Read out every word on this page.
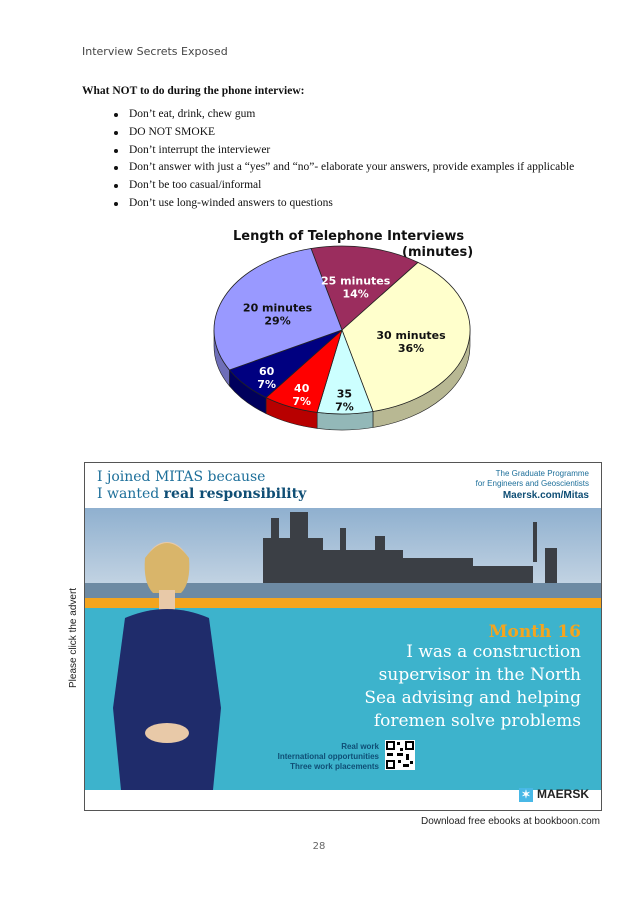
Interview Secrets Exposed
What NOT to do during the phone interview:
Don’t eat, drink, chew gum
DO NOT SMOKE
Don’t interrupt the interviewer
Don’t answer with just a “yes” and “no”- elaborate your answers, provide examples if applicable
Don’t be too casual/informal
Don’t use long-winded answers to questions
Length of Telephone Interviews
(minutes)
25 minutes
14%
30 minutes
36%
35
7%
40
7%
60
7%
20 minutes
29%
I joined MITAS because
I wanted real responsibility
The Graduate Programme
for Engineers and Geoscientists
Maersk.com/Mitas
Month 16
I was a construction supervisor in the North Sea advising and helping foremen solve problems
Real work
International opportunities
Three work placements
✶ MAERSK
Please click the advert
Download free ebooks at bookboon.com
28
